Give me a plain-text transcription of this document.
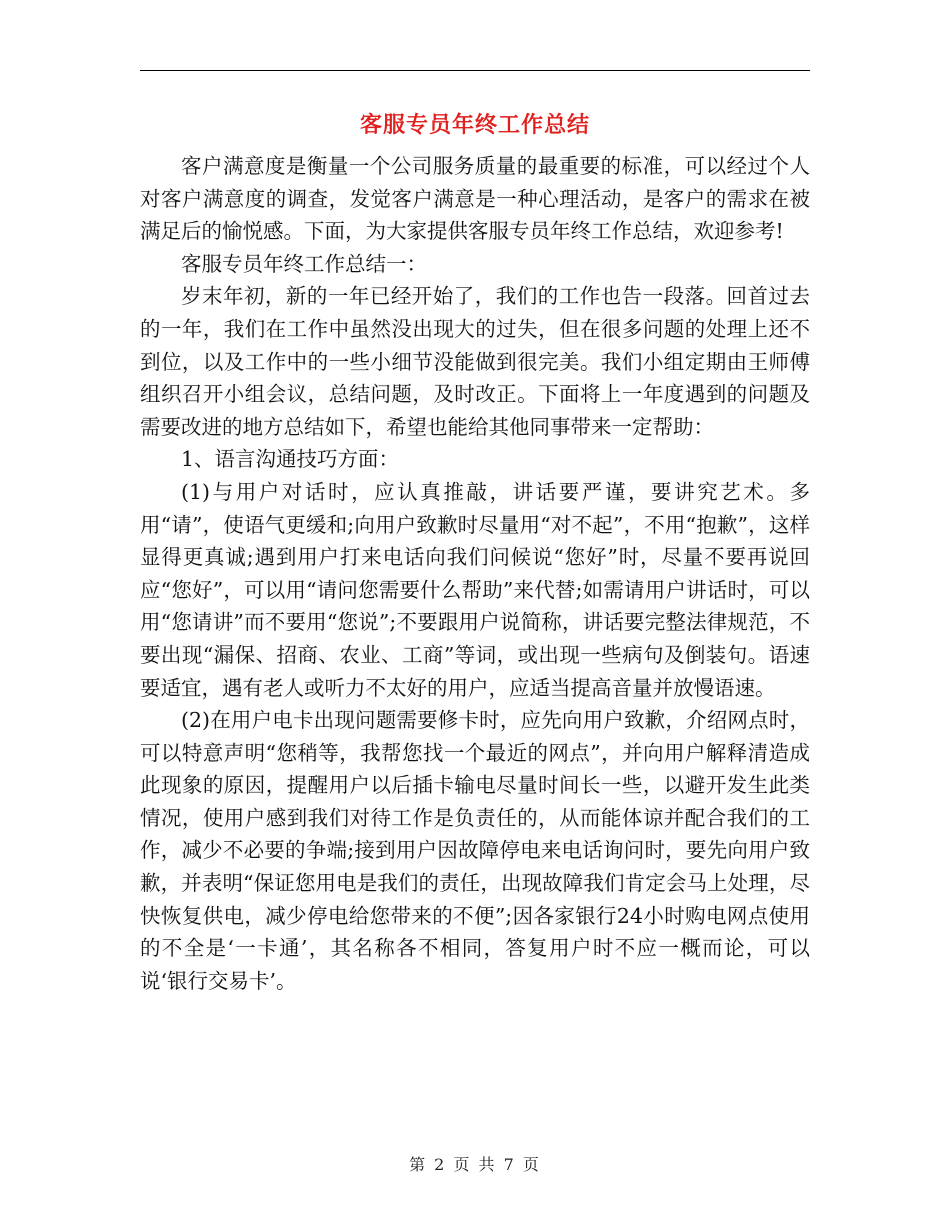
客服专员年终工作总结

客户满意度是衡量一个公司服务质量的最重要的标准，可以经过个人对客户满意度的调查，发觉客户满意是一种心理活动，是客户的需求在被满足后的愉悦感。下面，为大家提供客服专员年终工作总结，欢迎参考!

客服专员年终工作总结一：

岁末年初，新的一年已经开始了，我们的工作也告一段落。回首过去的一年，我们在工作中虽然没出现大的过失，但在很多问题的处理上还不到位，以及工作中的一些小细节没能做到很完美。我们小组定期由王师傅组织召开小组会议，总结问题，及时改正。下面将上一年度遇到的问题及需要改进的地方总结如下，希望也能给其他同事带来一定帮助：

1、语言沟通技巧方面：

(1)与用户对话时，应认真推敲，讲话要严谨，要讲究艺术。多用“请”，使语气更缓和;向用户致歉时尽量用“对不起”，不用“抱歉”，这样显得更真诚;遇到用户打来电话向我们问候说“您好”时，尽量不要再说回应“您好”，可以用“请问您需要什么帮助”来代替;如需请用户讲话时，可以用“您请讲”而不要用“您说”;不要跟用户说简称，讲话要完整法律规范，不要出现“漏保、招商、农业、工商”等词，或出现一些病句及倒装句。语速要适宜，遇有老人或听力不太好的用户，应适当提高音量并放慢语速。

(2)在用户电卡出现问题需要修卡时，应先向用户致歉，介绍网点时，可以特意声明“您稍等，我帮您找一个最近的网点”，并向用户解释清造成此现象的原因，提醒用户以后插卡输电尽量时间长一些，以避开发生此类情况，使用户感到我们对待工作是负责任的，从而能体谅并配合我们的工作，减少不必要的争端;接到用户因故障停电来电话询问时，要先向用户致歉，并表明“保证您用电是我们的责任，出现故障我们肯定会马上处理，尽快恢复供电，减少停电给您带来的不便”;因各家银行24小时购电网点使用的不全是‘一卡通’，其名称各不相同，答复用户时不应一概而论，可以说‘银行交易卡’。

第 2 页 共 7 页
